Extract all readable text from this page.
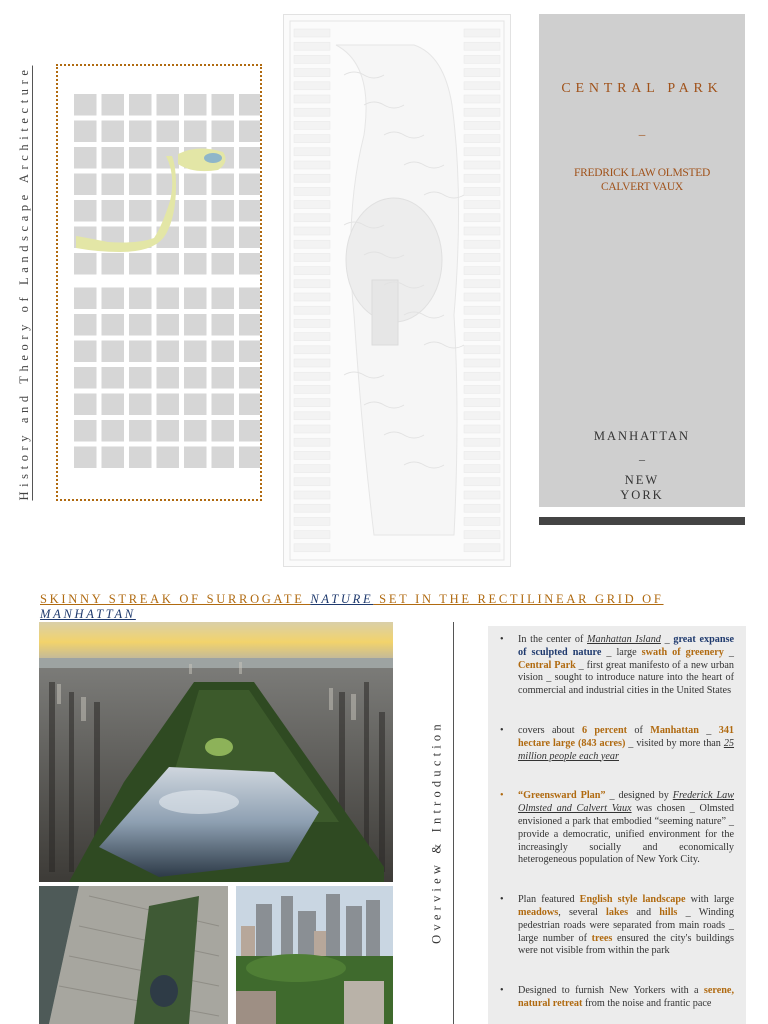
History and Theory of Landscape Architecture	CENTRAL PARK
_
FREDRICK LAW OLMSTED
CALVERT VAUX
MANHATTAN
_
NEW
YORK
SKINNY STREAK OF SURROGATE NATURE SET IN THE RECTILINEAR GRID OF MANHATTAN
Overview & Introduction
• In the center of Manhattan Island _ great expanse of sculpted nature _ large swath of greenery _ Central Park _ first great manifesto of a new urban vision _ sought to introduce nature into the heart of commercial and industrial cities in the United States
• covers about 6 percent of Manhattan _ 341 hectare large (843 acres) _ visited by more than 25 million people each year
• “Greensward Plan” _ designed by Frederick Law Olmsted and Calvert Vaux was chosen _ Olmsted envisioned a park that embodied “seeming nature” _ provide a democratic, unified environment for the increasingly socially and economically heterogeneous population of New York City.
• Plan featured English style landscape with large meadows, several lakes and hills _ Winding pedestrian roads were separated from main roads _ large number of trees ensured the city's buildings were not visible from within the park
• Designed to furnish New Yorkers with a serene, natural retreat from the noise and frantic pace
